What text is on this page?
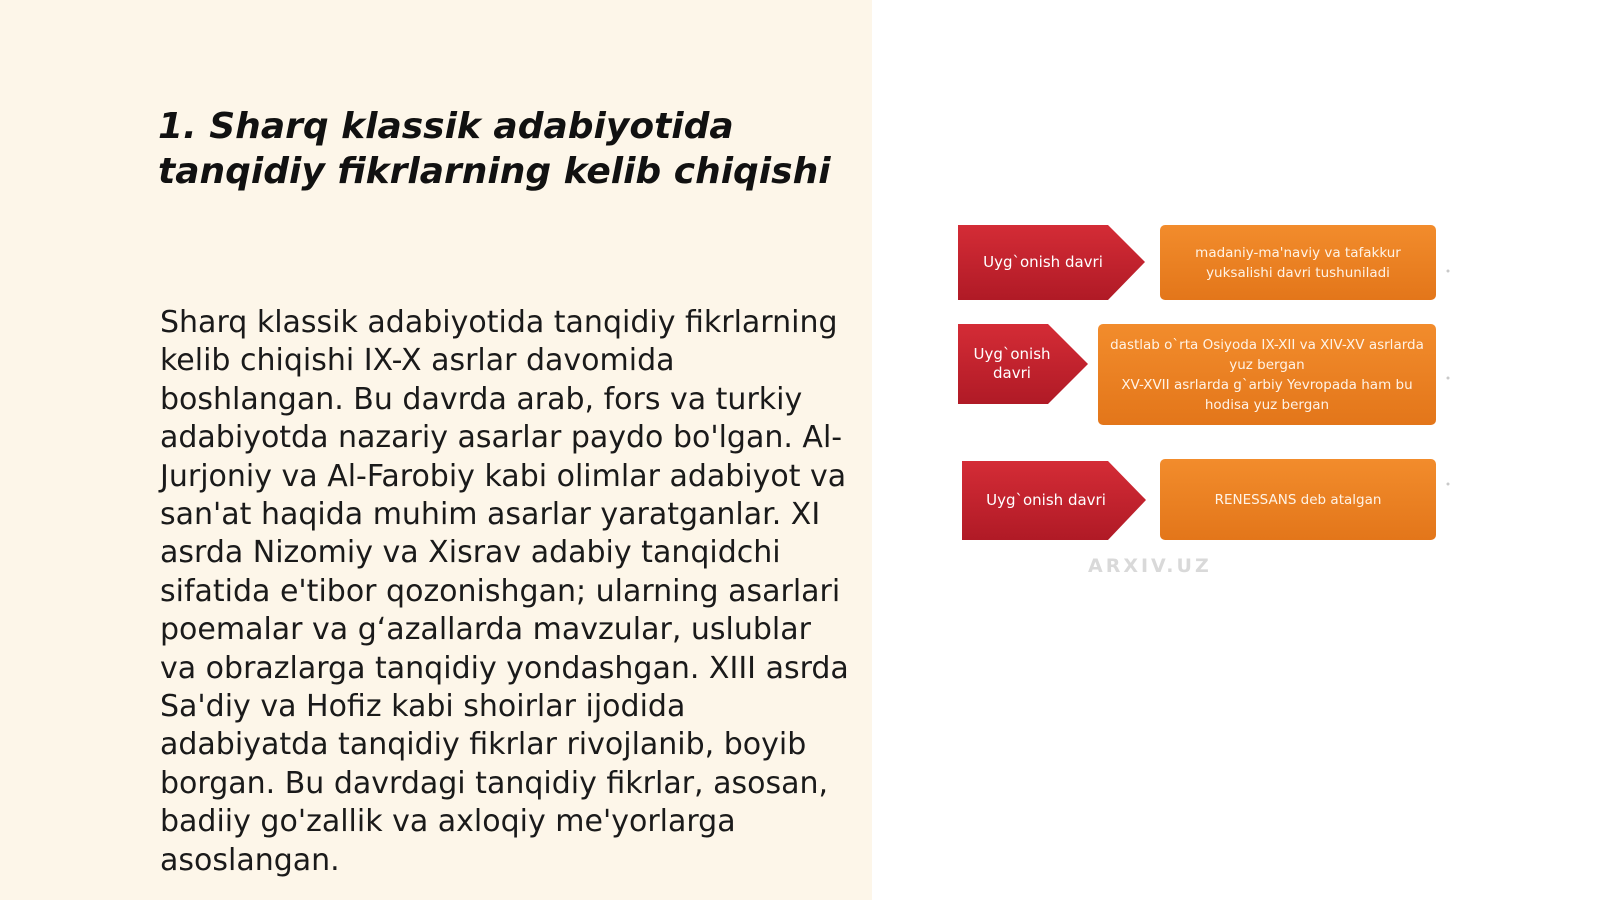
1. Sharq klassik adabiyotida tanqidiy fikrlarning kelib chiqishi

Sharq klassik adabiyotida tanqidiy fikrlarning kelib chiqishi IX-X asrlar davomida boshlangan. Bu davrda arab, fors va turkiy adabiyotda nazariy asarlar paydo bo'lgan. Al-Jurjoniy va Al-Farobiy kabi olimlar adabiyot va san'at haqida muhim asarlar yaratganlar. XI asrda Nizomiy va Xisrav adabiy tanqidchi sifatida e'tibor qozonishgan; ularning asarlari poemalar va g‘azallarda mavzular, uslublar va obrazlarga tanqidiy yondashgan. XIII asrda Sa'diy va Hofiz kabi shoirlar ijodida adabiyatda tanqidiy fikrlar rivojlanib, boyib borgan. Bu davrdagi tanqidiy fikrlar, asosan, badiiy go'zallik va axloqiy me'yorlarga asoslangan.

Uyg`onish davri
madaniy-ma'naviy va tafakkur
yuksalishi davri tushuniladi
Uyg`onish
davri
dastlab o`rta Osiyoda IX-XII va XIV-XV asrlarda
yuz bergan
XV-XVII asrlarda g`arbiy Yevropada ham bu
hodisa yuz bergan
Uyg`onish davri	RENESSANS deb atalgan
ARXIV.UZ
